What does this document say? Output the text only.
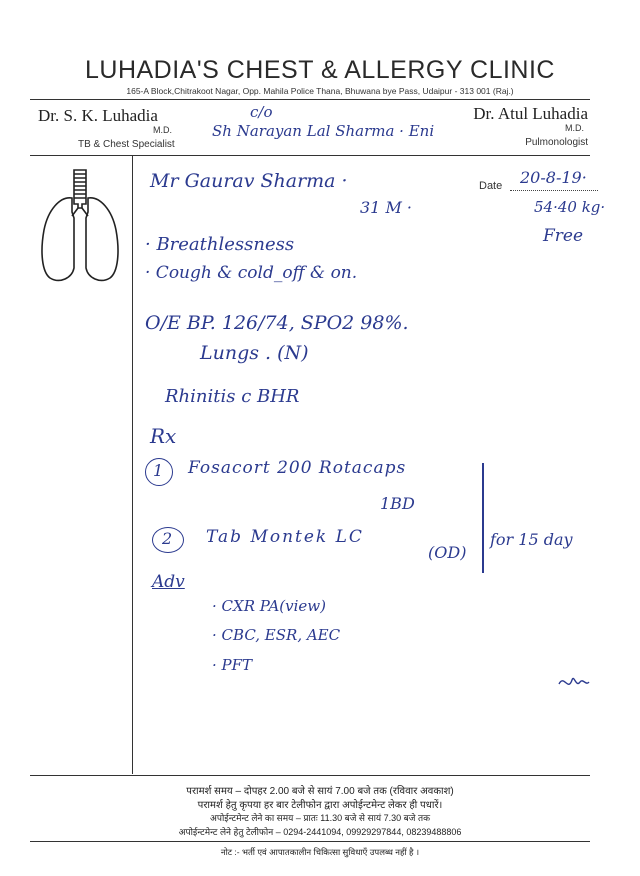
LUHADIA'S CHEST & ALLERGY CLINIC
165-A Block,Chitrakoot Nagar, Opp. Mahila Police Thana, Bhuwana bye Pass, Udaipur - 313 001 (Raj.)
Dr. S. K. Luhadia
M.D.
TB & Chest Specialist
Dr. Atul Luhadia
M.D.
Pulmonologist
c/o
Sh Narayan Lal Sharma · Eni
Mr Gaurav Sharma ·
31 M ·
Date 20-8-19·
54·40 kg·
Free
· Breathlessness
· Cough & cold_off & on.
O/E BP. 126/74, SPO2 98%.
Lungs . (N)
Rhinitis c BHR
Rx
1 Fosacort 200 Rotacaps
1BD
2 Tab Montek LC
(OD)
for 15 day
Adv
· CXR PA(view)
· CBC, ESR, AEC
· PFT
परामर्श समय – दोपहर 2.00 बजे से सायं 7.00 बजे तक (रविवार अवकाश)
परामर्श हेतु कृपया हर बार टेलीफोन द्वारा अपोईन्टमेन्ट लेकर ही पधारें।
अपोईन्टमेन्ट लेने का समय – प्रातः 11.30 बजे से सायं 7.30 बजे तक
अपोईन्टमेन्ट लेने हेतु टेलीफोन – 0294-2441094, 09929297844, 08239488806
नोट :- भर्ती एवं आपातकालीन चिकित्सा सुविधाएँ उपलब्ध नहीं है ।
